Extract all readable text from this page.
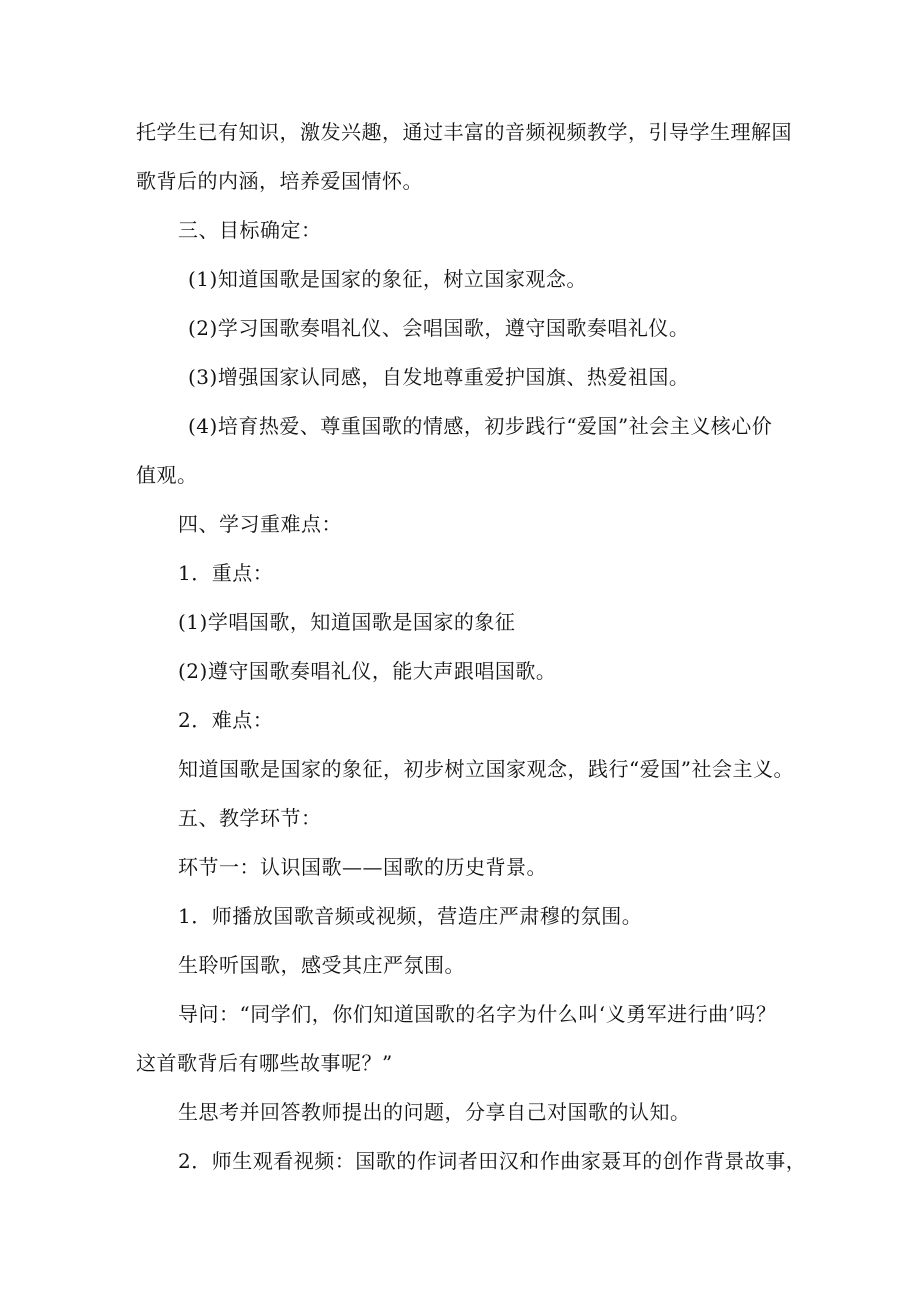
托学生已有知识，激发兴趣，通过丰富的音频视频教学，引导学生理解国
歌背后的内涵，培养爱国情怀。
三、目标确定：
(1)知道国歌是国家的象征，树立国家观念。
(2)学习国歌奏唱礼仪、会唱国歌，遵守国歌奏唱礼仪。
(3)增强国家认同感，自发地尊重爱护国旗、热爱祖国。
(4)培育热爱、尊重国歌的情感，初步践行“爱国”社会主义核心价
值观。
四、学习重难点：
1．重点：
(1)学唱国歌，知道国歌是国家的象征
(2)遵守国歌奏唱礼仪，能大声跟唱国歌。
2．难点：
知道国歌是国家的象征，初步树立国家观念，践行“爱国”社会主义。
五、教学环节：
环节一：认识国歌——国歌的历史背景。
1．师播放国歌音频或视频，营造庄严肃穆的氛围。
生聆听国歌，感受其庄严氛围。
导问：“同学们，你们知道国歌的名字为什么叫‘义勇军进行曲’吗？
这首歌背后有哪些故事呢？”
生思考并回答教师提出的问题，分享自己对国歌的认知。
2．师生观看视频：国歌的作词者田汉和作曲家聂耳的创作背景故事，
